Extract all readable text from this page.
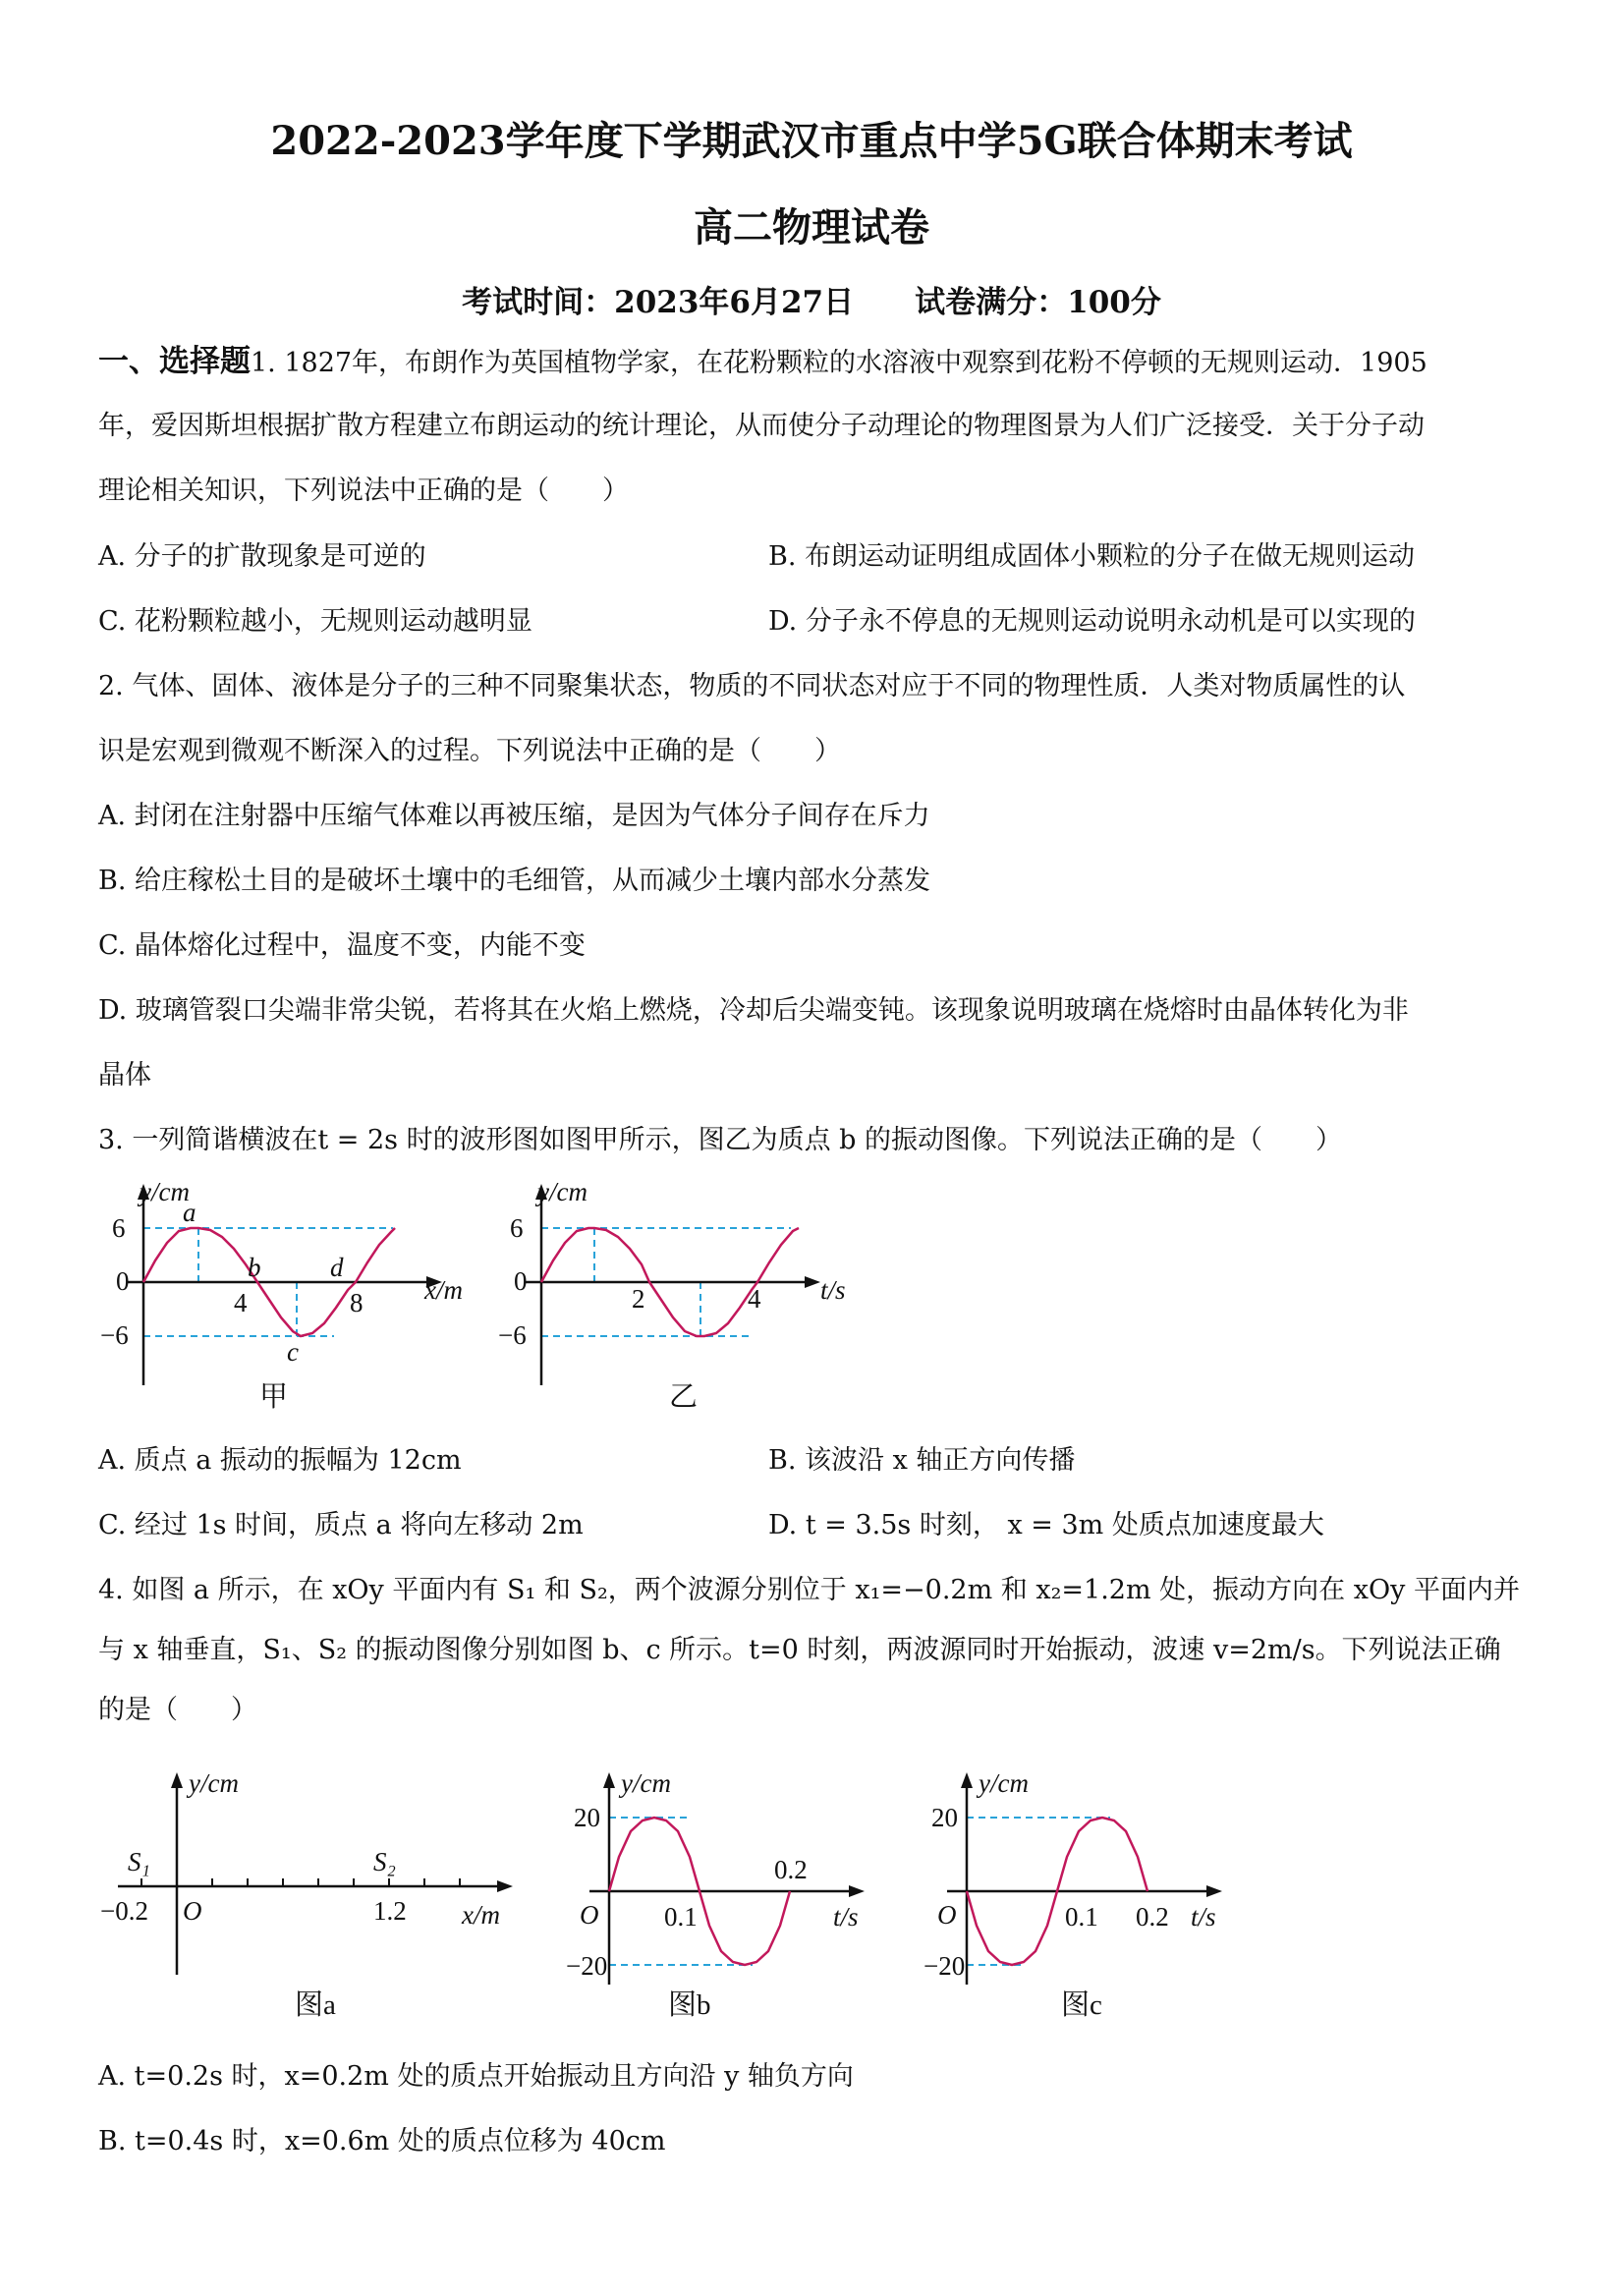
2022-2023学年度下学期武汉市重点中学5G联合体期末考试
高二物理试卷
考试时间：2023年6月27日　　试卷满分：100分
一、选择题1. 1827年，布朗作为英国植物学家，在花粉颗粒的水溶液中观察到花粉不停顿的无规则运动．1905
年，爱因斯坦根据扩散方程建立布朗运动的统计理论，从而使分子动理论的物理图景为人们广泛接受．关于分子动
理论相关知识，下列说法中正确的是（　　）
A. 分子的扩散现象是可逆的	B. 布朗运动证明组成固体小颗粒的分子在做无规则运动
C. 花粉颗粒越小，无规则运动越明显	D. 分子永不停息的无规则运动说明永动机是可以实现的
2. 气体、固体、液体是分子的三种不同聚集状态，物质的不同状态对应于不同的物理性质．人类对物质属性的认
识是宏观到微观不断深入的过程。下列说法中正确的是（　　）
A. 封闭在注射器中压缩气体难以再被压缩，是因为气体分子间存在斥力
B. 给庄稼松土目的是破坏土壤中的毛细管，从而减少土壤内部水分蒸发
C. 晶体熔化过程中，温度不变，内能不变
D. 玻璃管裂口尖端非常尖锐，若将其在火焰上燃烧，冷却后尖端变钝。该现象说明玻璃在烧熔时由晶体转化为非
晶体
3. 一列简谐横波在t = 2s 时的波形图如图甲所示，图乙为质点 b 的振动图像。下列说法正确的是（　　）
y/cm
x/m
6
0
−6
4	8
a
b
c
d
甲
y/cm
t/s
6
0
−6
2	4
乙
A. 质点 a 振动的振幅为 12cm	B. 该波沿 x 轴正方向传播
C. 经过 1s 时间，质点 a 将向左移动 2m	D. t = 3.5s 时刻， x = 3m 处质点加速度最大
4. 如图 a 所示，在 xOy 平面内有 S₁ 和 S₂，两个波源分别位于 x₁=−0.2m 和 x₂=1.2m 处，振动方向在 xOy 平面内并
与 x 轴垂直，S₁、S₂ 的振动图像分别如图 b、c 所示。t=0 时刻，两波源同时开始振动，波速 v=2m/s。下列说法正确
的是（　　）
y/cm
x/m
S₁	S₂
−0.2 O	1.2
图a
y/cm
t/s
20
−20
O 0.1
0.2
图b
y/cm
t/s
20
−20
O	0.1 0.2
图c
A. t=0.2s 时，x=0.2m 处的质点开始振动且方向沿 y 轴负方向
B. t=0.4s 时，x=0.6m 处的质点位移为 40cm
